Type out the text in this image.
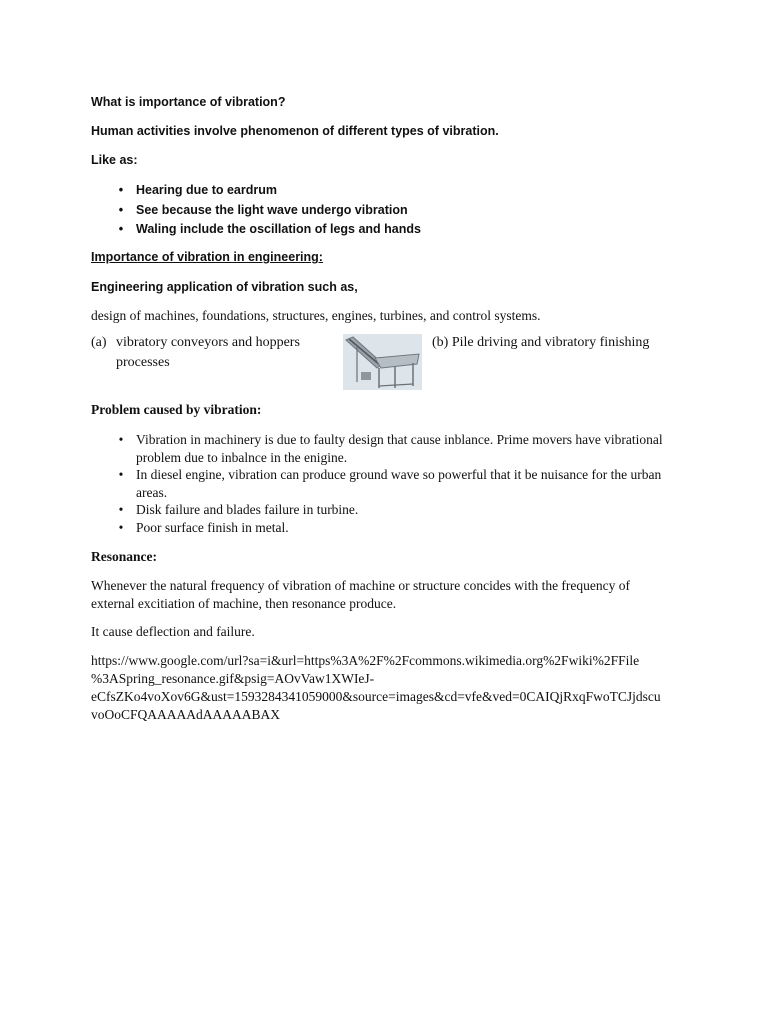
What is importance of vibration?

Human activities involve phenomenon of different types of vibration.

Like as:

• Hearing due to eardrum
• See because the light wave undergo vibration
• Waling include the oscillation of legs and hands

Importance of vibration in engineering:

Engineering application of vibration such as,

design of machines, foundations, structures, engines, turbines, and control systems.

(a) vibratory conveyors and hoppers
processes
(b) Pile driving and vibratory finishing

Problem caused by vibration:

• Vibration in machinery is due to faulty design that cause inblance. Prime movers have vibrational
problem due to inbalnce in the enigine.
• In diesel engine, vibration can produce ground wave so powerful that it be nuisance for the urban
areas.
• Disk failure and blades failure in turbine.
• Poor surface finish in metal.

Resonance:

Whenever the natural frequency of vibration of machine or structure concides with the frequency of
external excitiation of machine, then resonance produce.

It cause deflection and failure.

https://www.google.com/url?sa=i&url=https%3A%2F%2Fcommons.wikimedia.org%2Fwiki%2FFile
%3ASpring_resonance.gif&psig=AOvVaw1XWIeJ-
eCfsZKo4voXov6G&ust=1593284341059000&source=images&cd=vfe&ved=0CAIQjRxqFwoTCJjdscu
voOoCFQAAAAAdAAAAABAX
